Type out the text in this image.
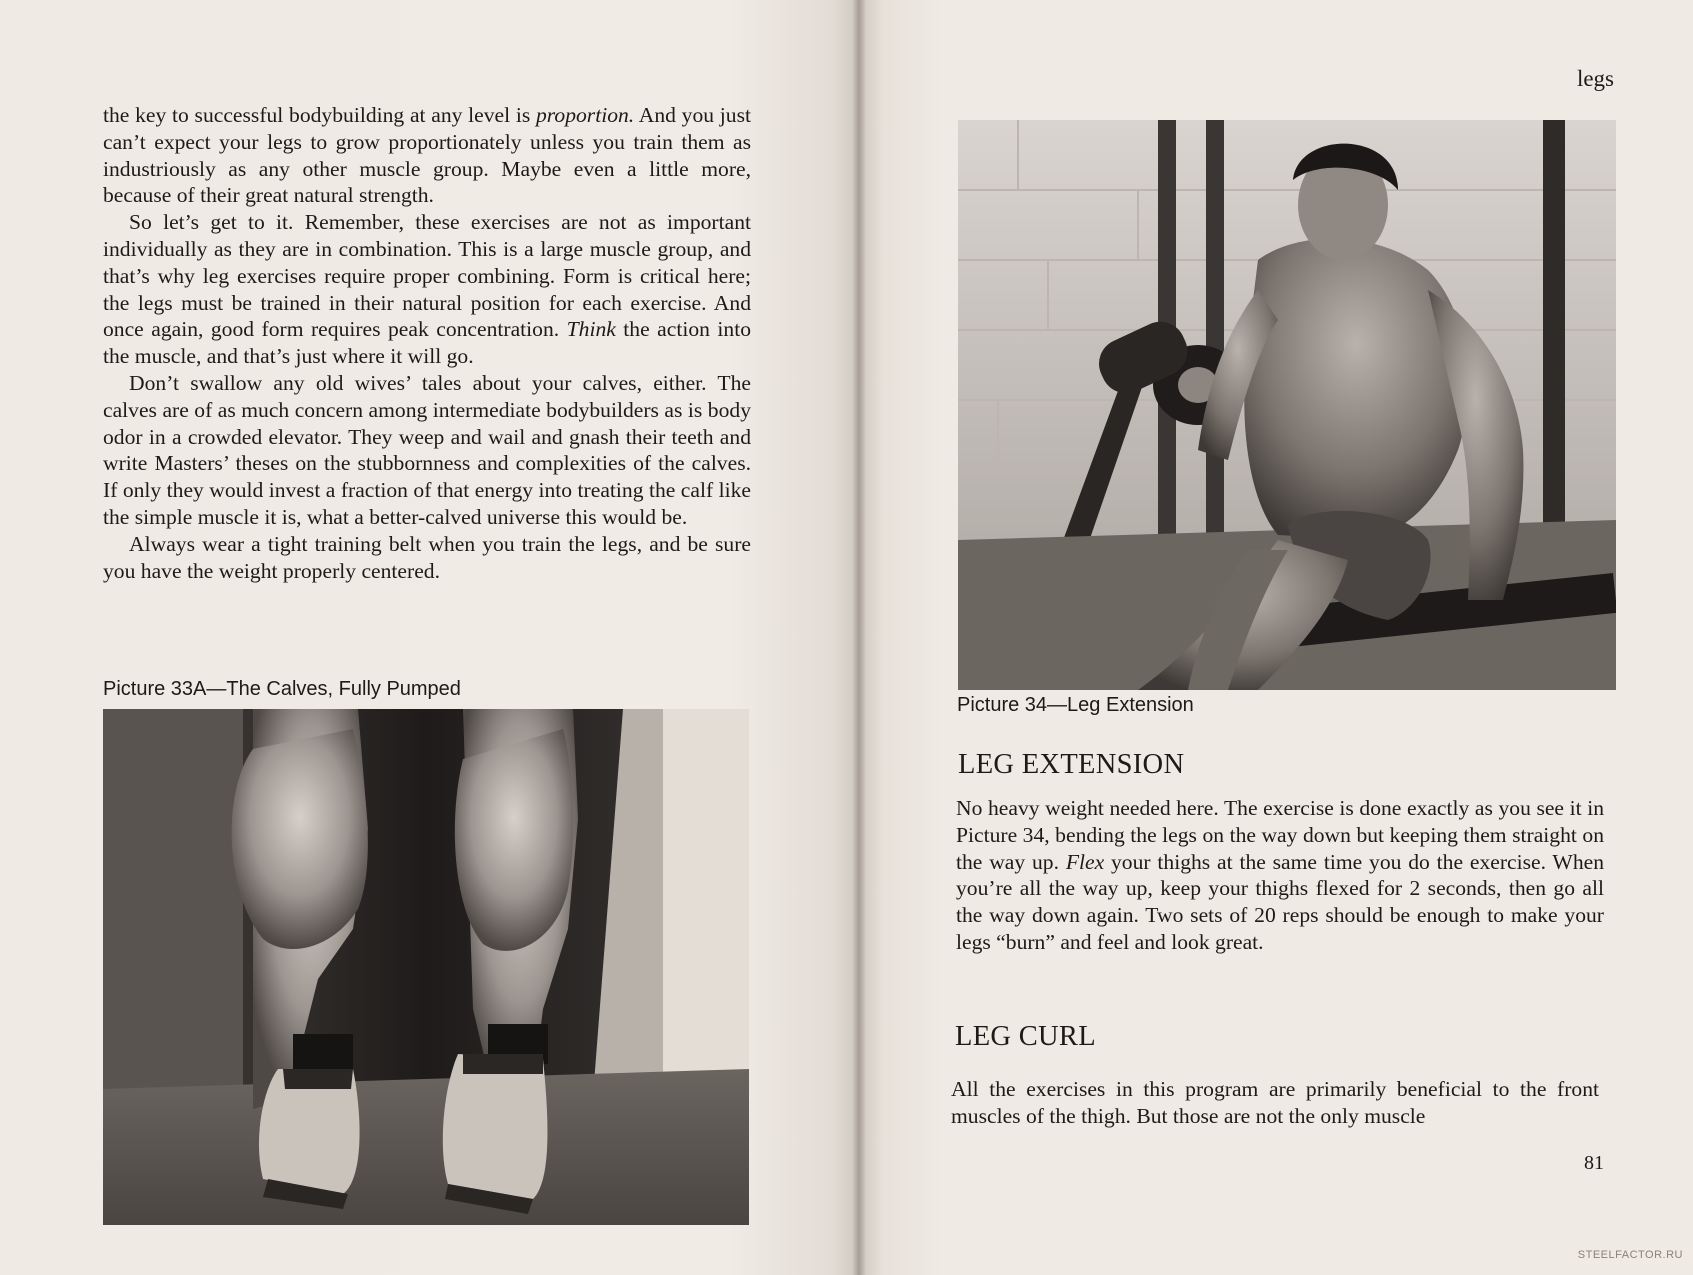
the key to successful bodybuilding at any level is proportion. And you just can’t expect your legs to grow proportionately unless you train them as industriously as any other muscle group. Maybe even a little more, because of their great natural strength.

So let’s get to it. Remember, these exercises are not as important individually as they are in combination. This is a large muscle group, and that’s why leg exercises require proper combining. Form is critical here; the legs must be trained in their natural position for each exercise. And once again, good form requires peak concentration. Think the action into the muscle, and that’s just where it will go.

Don’t swallow any old wives’ tales about your calves, either. The calves are of as much concern among intermediate bodybuilders as is body odor in a crowded elevator. They weep and wail and gnash their teeth and write Masters’ theses on the stubbornness and complexities of the calves. If only they would invest a fraction of that energy into treating the calf like the simple muscle it is, what a better-calved universe this would be.

Always wear a tight training belt when you train the legs, and be sure you have the weight properly centered.

Picture 33A—The Calves, Fully Pumped
legs
Picture 34—Leg Extension
LEG EXTENSION

No heavy weight needed here. The exercise is done exactly as you see it in Picture 34, bending the legs on the way down but keeping them straight on the way up. Flex your thighs at the same time you do the exercise. When you’re all the way up, keep your thighs flexed for 2 seconds, then go all the way down again. Two sets of 20 reps should be enough to make your legs “burn” and feel and look great.

LEG CURL

All the exercises in this program are primarily beneficial to the front muscles of the thigh. But those are not the only muscle

81
STEELFACTOR.RU
